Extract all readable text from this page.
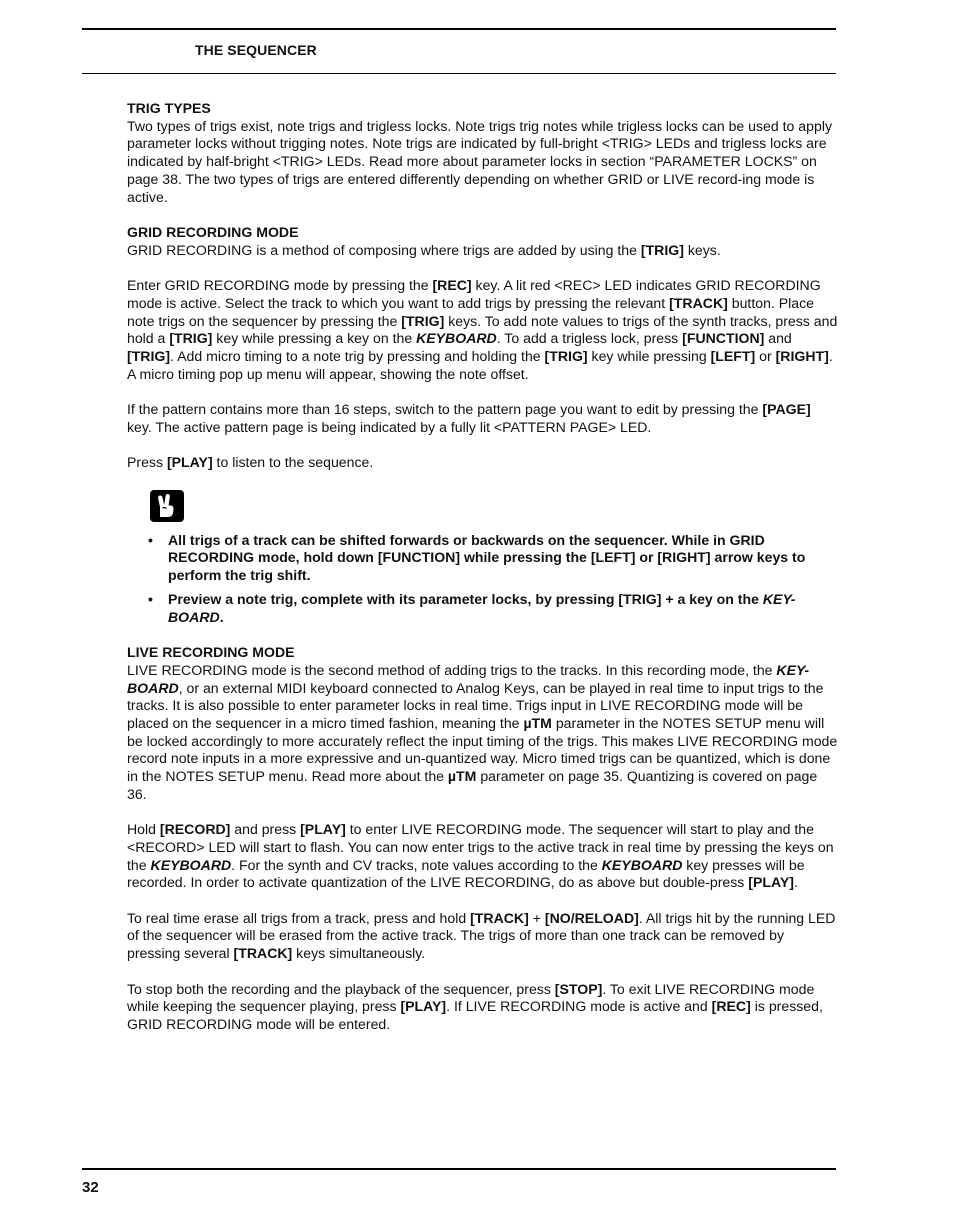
THE SEQUENCER
TRIG TYPES

Two types of trigs exist, note trigs and trigless locks. Note trigs trig notes while trigless locks can be used to apply parameter locks without trigging notes. Note trigs are indicated by full-bright <TRIG> LEDs and trigless locks are indicated by half-bright <TRIG> LEDs. Read more about parameter locks in section “PARAMETER LOCKS” on page 38. The two types of trigs are entered differently depending on whether GRID or LIVE record-ing mode is active.

GRID RECORDING MODE

GRID RECORDING is a method of composing where trigs are added by using the [TRIG] keys.

Enter GRID RECORDING mode by pressing the [REC] key. A lit red <REC> LED indicates GRID RECORDING mode is active. Select the track to which you want to add trigs by pressing the relevant [TRACK] button. Place note trigs on the sequencer by pressing the [TRIG] keys. To add note values to trigs of the synth tracks, press and hold a [TRIG] key while pressing a key on the KEYBOARD. To add a trigless lock, press [FUNCTION] and [TRIG]. Add micro timing to a note trig by pressing and holding the [TRIG] key while pressing [LEFT] or [RIGHT]. A micro timing pop up menu will appear, showing the note offset.

If the pattern contains more than 16 steps, switch to the pattern page you want to edit by pressing the [PAGE] key. The active pattern page is being indicated by a fully lit <PATTERN PAGE> LED.

Press [PLAY] to listen to the sequence.

• All trigs of a track can be shifted forwards or backwards on the sequencer. While in GRID RECORDING mode, hold down [FUNCTION] while pressing the [LEFT] or [RIGHT] arrow keys to perform the trig shift.
• Preview a note trig, complete with its parameter locks, by pressing [TRIG] + a key on the KEY-BOARD.
LIVE RECORDING MODE

LIVE RECORDING mode is the second method of adding trigs to the tracks. In this recording mode, the KEY-BOARD, or an external MIDI keyboard connected to Analog Keys, can be played in real time to input trigs to the tracks. It is also possible to enter parameter locks in real time. Trigs input in LIVE RECORDING mode will be placed on the sequencer in a micro timed fashion, meaning the µTM parameter in the NOTES SETUP menu will be locked accordingly to more accurately reflect the input timing of the trigs. This makes LIVE RECORDING mode record note inputs in a more expressive and un-quantized way. Micro timed trigs can be quantized, which is done in the NOTES SETUP menu. Read more about the µTM parameter on page 35. Quantizing is covered on page 36.

Hold [RECORD] and press [PLAY] to enter LIVE RECORDING mode. The sequencer will start to play and the <RECORD> LED will start to flash. You can now enter trigs to the active track in real time by pressing the keys on the KEYBOARD. For the synth and CV tracks, note values according to the KEYBOARD key presses will be recorded. In order to activate quantization of the LIVE RECORDING, do as above but double-press [PLAY].

To real time erase all trigs from a track, press and hold [TRACK] + [NO/RELOAD]. All trigs hit by the running LED of the sequencer will be erased from the active track. The trigs of more than one track can be removed by pressing several [TRACK] keys simultaneously.

To stop both the recording and the playback of the sequencer, press [STOP]. To exit LIVE RECORDING mode while keeping the sequencer playing, press [PLAY]. If LIVE RECORDING mode is active and [REC] is pressed, GRID RECORDING mode will be entered.

32
